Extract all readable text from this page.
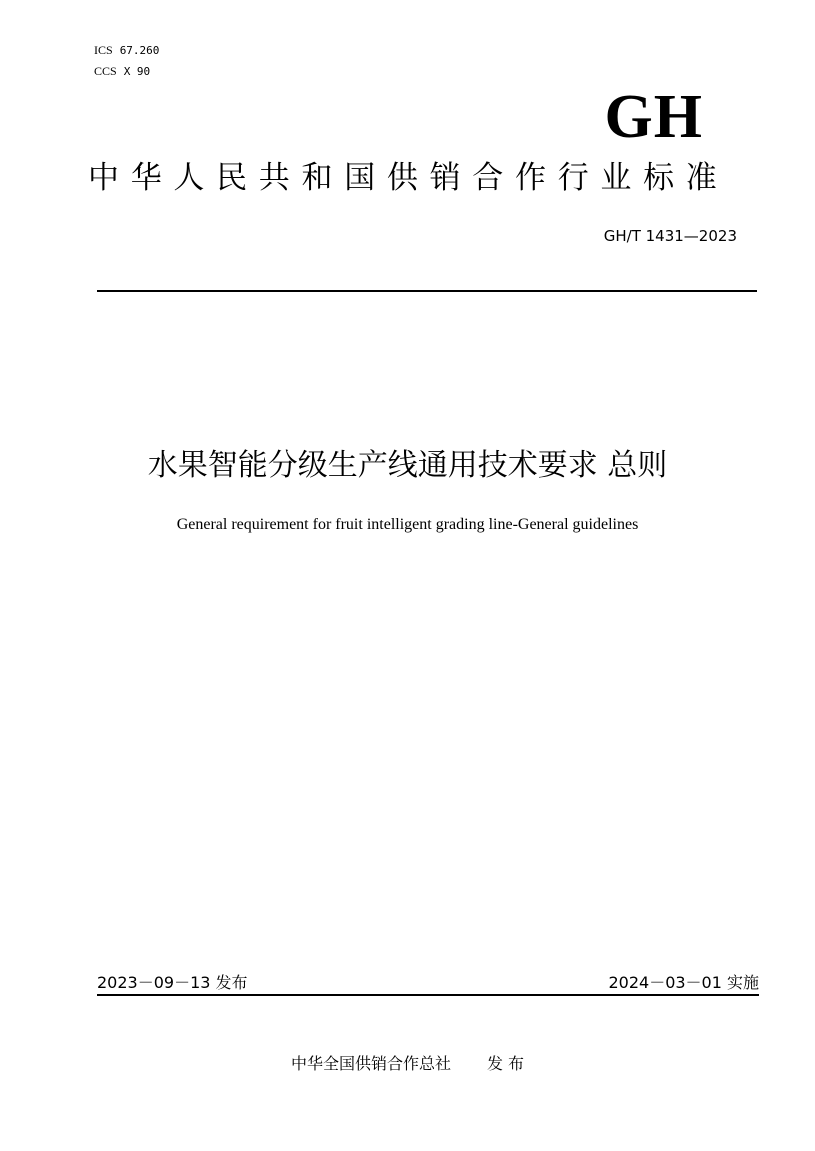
ICS 67.260
CCS X 90
GH
中华人民共和国供销合作行业标准
GH/T 1431—2023
水果智能分级生产线通用技术要求 总则
General requirement for fruit intelligent grading line-General guidelines
2023－09－13 发布	2024－03－01 实施
中华全国供销合作总社 发 布
